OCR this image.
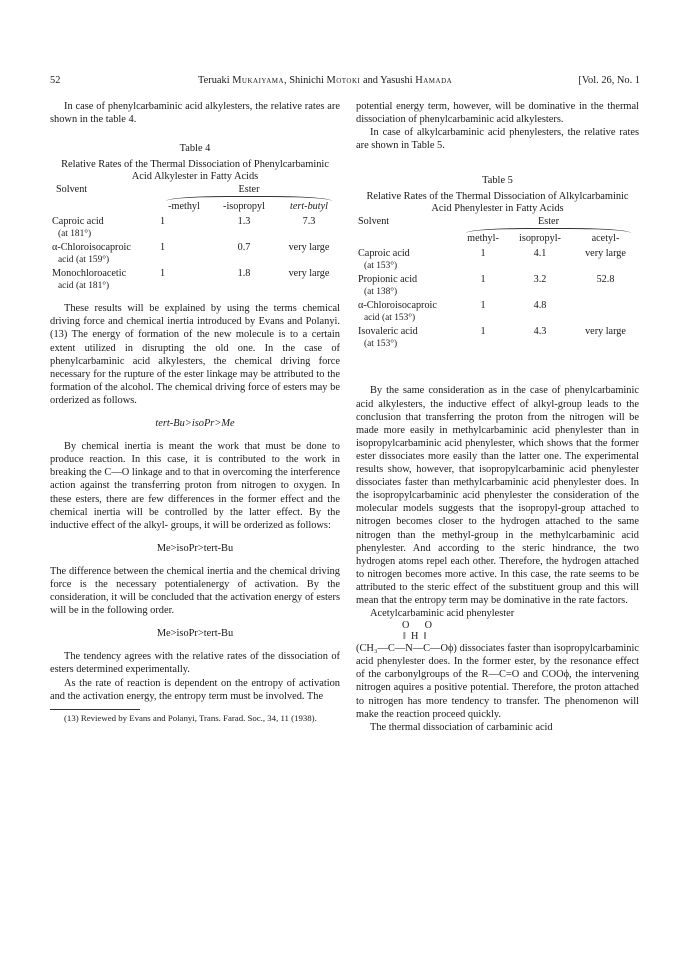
52	Teruaki Mukaiyama, Shinichi Motoki and Yasushi Hamada	[Vol. 26, No. 1

In case of phenylcarbaminic acid alkylesters, the relative rates are shown in the table 4.

Table 4

Relative Rates of the Thermal Dissociation of Phenylcarbaminic Acid Alkylester in Fatty Acids

Solvent	Ester		

	-methyl	-isopropyl	tert-butyl
Caproic acid
(at 181°)	1	1.3	7.3
α-Chloroisocaproic
acid (at 159°)	1	0.7	very large
Monochloroacetic
acid (at 181°)	1	1.8	very large

These results will be explained by using the terms chemical driving force and chemical inertia introduced by Evans and Polanyi.(13) The energy of formation of the new molecule is to a certain extent utilized in disrupting the old one. In the case of phenylcarbaminic acid alkylesters, the chemical driving force necessary for the rupture of the ester linkage may be attributed to the formation of the alcohol. The chemical driving force of esters may be orderized as follows.

tert-Bu>isoPr>Me

By chemical inertia is meant the work that must be done to produce reaction. In this case, it is contributed to the work in breaking the C—O linkage and to that in overcoming the interference action against the transferring proton from nitrogen to oxygen. In these esters, there are few differences in the former effect and the chemical inertia will be controlled by the latter effect. By the inductive effect of the alkyl- groups, it will be orderized as follows:

Me>isoPr>tert-Bu

The difference between the chemical inertia and the chemical driving force is the necessary potentialenergy of activation. By the consideration, it will be concluded that the activation energy of esters will be in the following order.

Me>isoPr>tert-Bu

The tendency agrees with the relative rates of the dissociation of esters determined experimentally.

As the rate of reaction is dependent on the entropy of activation and the activation energy, the entropy term must be involved. The

(13) Reviewed by Evans and Polanyi, Trans. Farad. Soc., 34, 11 (1938).

potential energy term, however, will be dominative in the thermal dissociation of phenylcarbaminic acid alkylesters.

In case of alkylcarbaminic acid phenylesters, the relative rates are shown in Table 5.

Table 5

Relative Rates of the Thermal Dissociation of Alkylcarbaminic Acid Phenylester in Fatty Acids

Solvent	Ester		

	methyl-	isopropyl-	acetyl-
Caproic acid
(at 153°)	1	4.1	very large
Propionic acid
(at 138°)	1	3.2	52.8
α-Chloroisocaproic
acid (at 153°)	1	4.8	
Isovaleric acid
(at 153°)	1	4.3	very large

By the same consideration as in the case of phenylcarbaminic acid alkylesters, the inductive effect of alkyl-group leads to the conclusion that transferring the proton from the nitrogen will be made more easily in methylcarbaminic acid phenylester than in isopropylcarbaminic acid phenylester, which shows that the former ester dissociates more easily than the latter one. The experimental results show, however, that isopropylcarbaminic acid phenylester dissociates faster than methylcarbaminic acid phenylester does. In the isopropylcarbaminic acid phenylester the consideration of the molecular models suggests that the isopropyl-group attached to nitrogen becomes closer to the hydrogen attached to the same nitrogen than the methyl-group in the methylcarbaminic acid phenylester. And according to the steric hindrance, the two hydrogen atoms repel each other. Therefore, the hydrogen attached to nitrogen becomes more active. In this case, the rate seems to be attributed to the steric effect of the substituent group and this will mean that the entropy term may be dominative in the rate factors.

Acetylcarbaminic acid phenylester

O      O
‖  H  ‖

(CH₃—C—N—C—Oϕ) dissociates faster than isopropylcarbaminic acid phenylester does. In the former ester, by the resonance effect of the carbonylgroups of the R—C=O and COOϕ, the intervening nitrogen aquires a positive potential. Therefore, the proton attached to nitrogen has more tendency to transfer. The phenomenon will make the reaction proceed quickly.

The thermal dissociation of carbaminic acid
